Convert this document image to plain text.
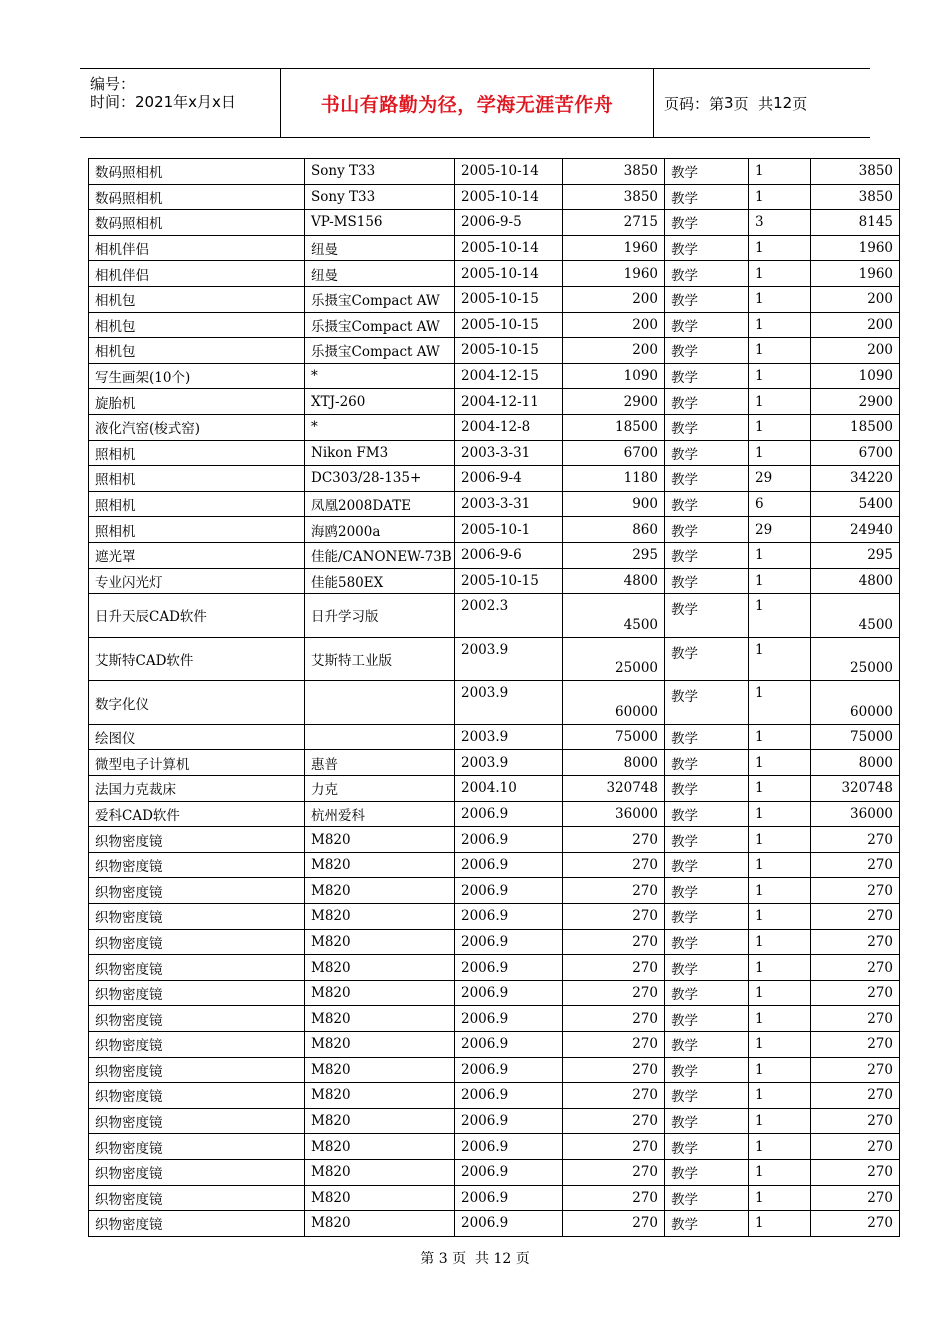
编号：
时间：2021年x月x日	书山有路勤为径，学海无涯苦作舟	页码：第 3 页  共 12 页
数码照相机	Sony T33	2005-10-14	3850	教学	1	3850
数码照相机	Sony T33	2005-10-14	3850	教学	1	3850
数码照相机	VP-MS156	2006-9-5	2715	教学	3	8145
相机伴侣	纽曼	2005-10-14	1960	教学	1	1960
相机伴侣	纽曼	2005-10-14	1960	教学	1	1960
相机包	乐摄宝Compact AW	2005-10-15	200	教学	1	200
相机包	乐摄宝Compact AW	2005-10-15	200	教学	1	200
相机包	乐摄宝Compact AW	2005-10-15	200	教学	1	200
写生画架(10个)	*	2004-12-15	1090	教学	1	1090
旋胎机	XTJ-260	2004-12-11	2900	教学	1	2900
液化汽窑(梭式窑)	*	2004-12-8	18500	教学	1	18500
照相机	Nikon FM3	2003-3-31	6700	教学	1	6700
照相机	DC303/28-135+	2006-9-4	1180	教学	29	34220
照相机	凤凰2008DATE	2003-3-31	900	教学	6	5400
照相机	海鸥2000a	2005-10-1	860	教学	29	24940
遮光罩	佳能/CANONEW-73B	2006-9-6	295	教学	1	295
专业闪光灯	佳能580EX	2005-10-15	4800	教学	1	4800
日升天辰CAD软件	日升学习版	2002.3	4500	教学	1	4500
艾斯特CAD软件	艾斯特工业版	2003.9	25000	教学	1	25000
数字化仪		2003.9	60000	教学	1	60000
绘图仪		2003.9	75000	教学	1	75000
微型电子计算机	惠普	2003.9	8000	教学	1	8000
法国力克裁床	力克	2004.10	320748	教学	1	320748
爱科CAD软件	杭州爱科	2006.9	36000	教学	1	36000
织物密度镜	M820	2006.9	270	教学	1	270
织物密度镜	M820	2006.9	270	教学	1	270
织物密度镜	M820	2006.9	270	教学	1	270
织物密度镜	M820	2006.9	270	教学	1	270
织物密度镜	M820	2006.9	270	教学	1	270
织物密度镜	M820	2006.9	270	教学	1	270
织物密度镜	M820	2006.9	270	教学	1	270
织物密度镜	M820	2006.9	270	教学	1	270
织物密度镜	M820	2006.9	270	教学	1	270
织物密度镜	M820	2006.9	270	教学	1	270
织物密度镜	M820	2006.9	270	教学	1	270
织物密度镜	M820	2006.9	270	教学	1	270
织物密度镜	M820	2006.9	270	教学	1	270
织物密度镜	M820	2006.9	270	教学	1	270
织物密度镜	M820	2006.9	270	教学	1	270
织物密度镜	M820	2006.9	270	教学	1	270
第 3 页  共 12 页
